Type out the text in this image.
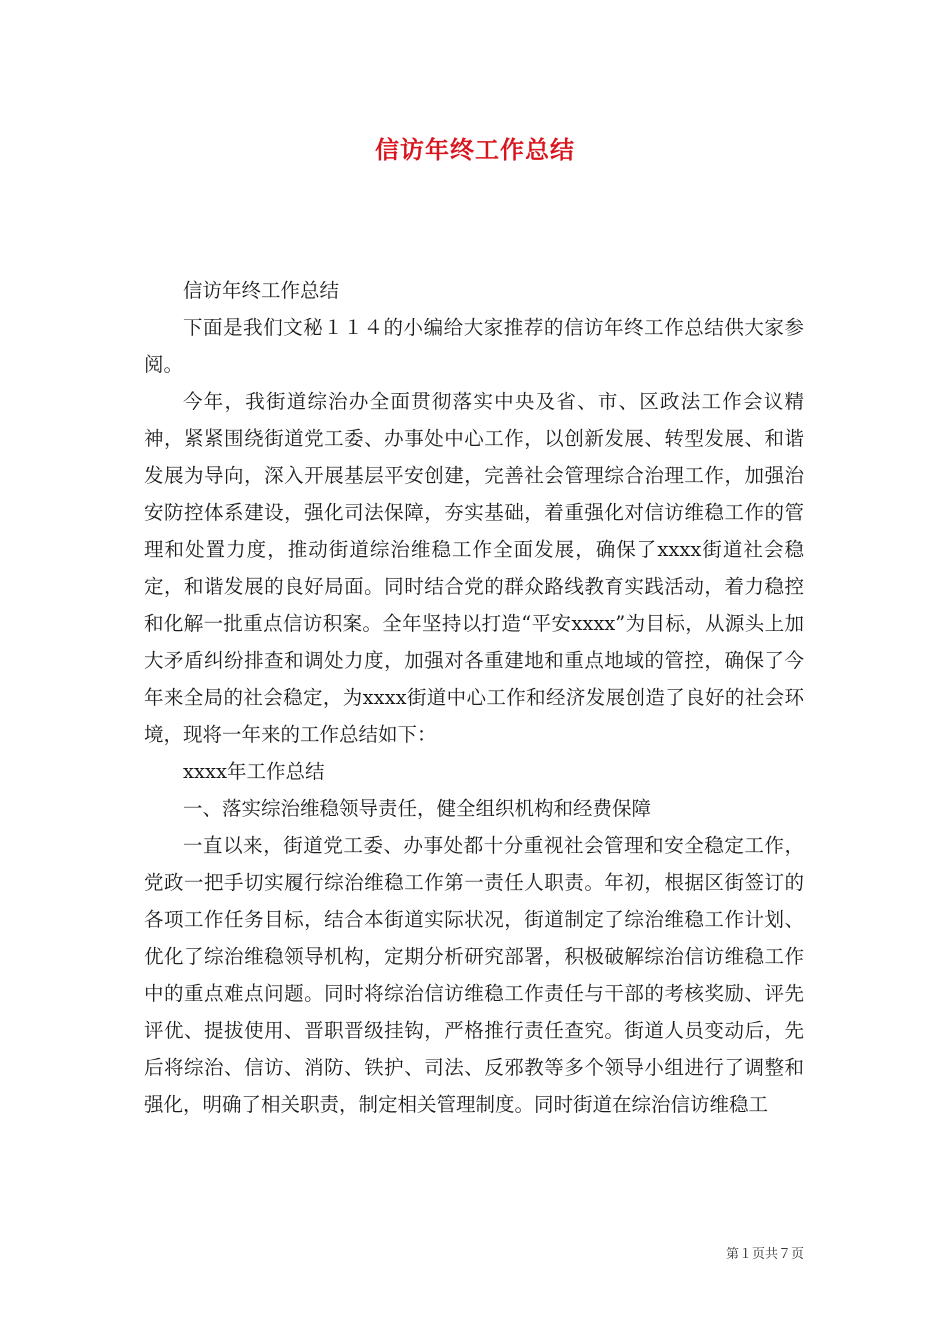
信访年终工作总结

信访年终工作总结

下面是我们文秘１１４的小编给大家推荐的信访年终工作总结供大家参阅。

今年，我街道综治办全面贯彻落实中央及省、市、区政法工作会议精神，紧紧围绕街道党工委、办事处中心工作，以创新发展、转型发展、和谐发展为导向，深入开展基层平安创建，完善社会管理综合治理工作，加强治安防控体系建设，强化司法保障，夯实基础，着重强化对信访维稳工作的管理和处置力度，推动街道综治维稳工作全面发展，确保了xxxx街道社会稳定，和谐发展的良好局面。同时结合党的群众路线教育实践活动，着力稳控和化解一批重点信访积案。全年坚持以打造“平安xxxx”为目标，从源头上加大矛盾纠纷排查和调处力度，加强对各重建地和重点地域的管控，确保了今年来全局的社会稳定，为xxxx街道中心工作和经济发展创造了良好的社会环境，现将一年来的工作总结如下：

xxxx年工作总结

一、落实综治维稳领导责任，健全组织机构和经费保障

一直以来，街道党工委、办事处都十分重视社会管理和安全稳定工作，党政一把手切实履行综治维稳工作第一责任人职责。年初，根据区街签订的各项工作任务目标，结合本街道实际状况，街道制定了综治维稳工作计划、优化了综治维稳领导机构，定期分析研究部署，积极破解综治信访维稳工作中的重点难点问题。同时将综治信访维稳工作责任与干部的考核奖励、评先评优、提拔使用、晋职晋级挂钩，严格推行责任查究。街道人员变动后，先后将综治、信访、消防、铁护、司法、反邪教等多个领导小组进行了调整和强化，明确了相关职责，制定相关管理制度。同时街道在综治信访维稳工

第１页共７页
